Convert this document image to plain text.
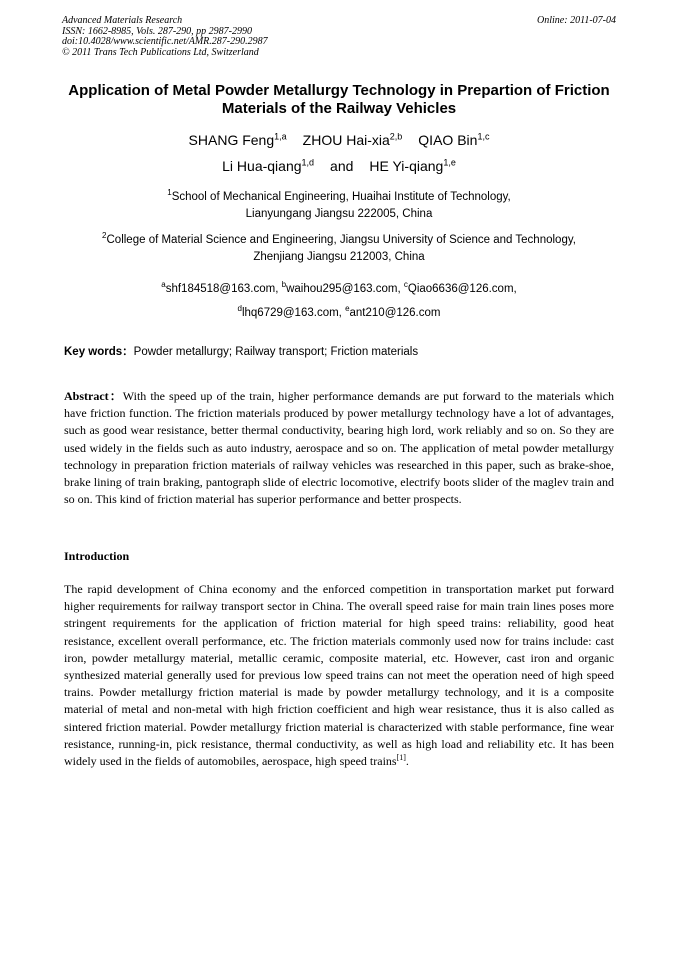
Advanced Materials Research
ISSN: 1662-8985, Vols. 287-290, pp 2987-2990
doi:10.4028/www.scientific.net/AMR.287-290.2987
© 2011 Trans Tech Publications Ltd, Switzerland
Online: 2011-07-04
Application of Metal Powder Metallurgy Technology in Prepartion of Friction Materials of the Railway Vehicles
SHANG Feng$^{1,a}$ ZHOU Hai-xia$^{2,b}$ QIAO Bin$^{1,c}$
Li Hua-qiang$^{1,d}$ and HE Yi-qiang$^{1,e}$
$^1$School of Mechanical Engineering, Huaihai Institute of Technology,
Lianyungang Jiangsu 222005, China
$^2$College of Material Science and Engineering, Jiangsu University of Science and Technology,
Zhenjiang Jiangsu 212003, China
$^a$shf184518@163.com, $^b$waihou295@163.com, $^c$Qiao6636@126.com,
$^d$lhq6729@163.com, $^e$ant210@126.com
Key words：Powder metallurgy; Railway transport; Friction materials
Abstract：With the speed up of the train, higher performance demands are put forward to the materials which have friction function. The friction materials produced by power metallurgy technology have a lot of advantages, such as good wear resistance, better thermal conductivity, bearing high lord, work reliably and so on. So they are used widely in the fields such as auto industry, aerospace and so on. The application of metal powder metallurgy technology in preparation friction materials of railway vehicles was researched in this paper, such as brake-shoe, brake lining of train braking, pantograph slide of electric locomotive, electrify boots slider of the maglev train and so on. This kind of friction material has superior performance and better prospects.
Introduction
The rapid development of China economy and the enforced competition in transportation market put forward higher requirements for railway transport sector in China. The overall speed raise for main train lines poses more stringent requirements for the application of friction material for high speed trains: reliability, good heat resistance, excellent overall performance, etc. The friction materials commonly used now for trains include: cast iron, powder metallurgy material, metallic ceramic, composite material, etc. However, cast iron and organic synthesized material generally used for previous low speed trains can not meet the operation need of high speed trains. Powder metallurgy friction material is made by powder metallurgy technology, and it is a composite material of metal and non-metal with high friction coefficient and high wear resistance, thus it is also called as sintered friction material. Powder metallurgy friction material is characterized with stable performance, fine wear resistance, running-in, pick resistance, thermal conductivity, as well as high load and reliability etc. It has been widely used in the fields of automobiles, aerospace, high speed trains[1].
